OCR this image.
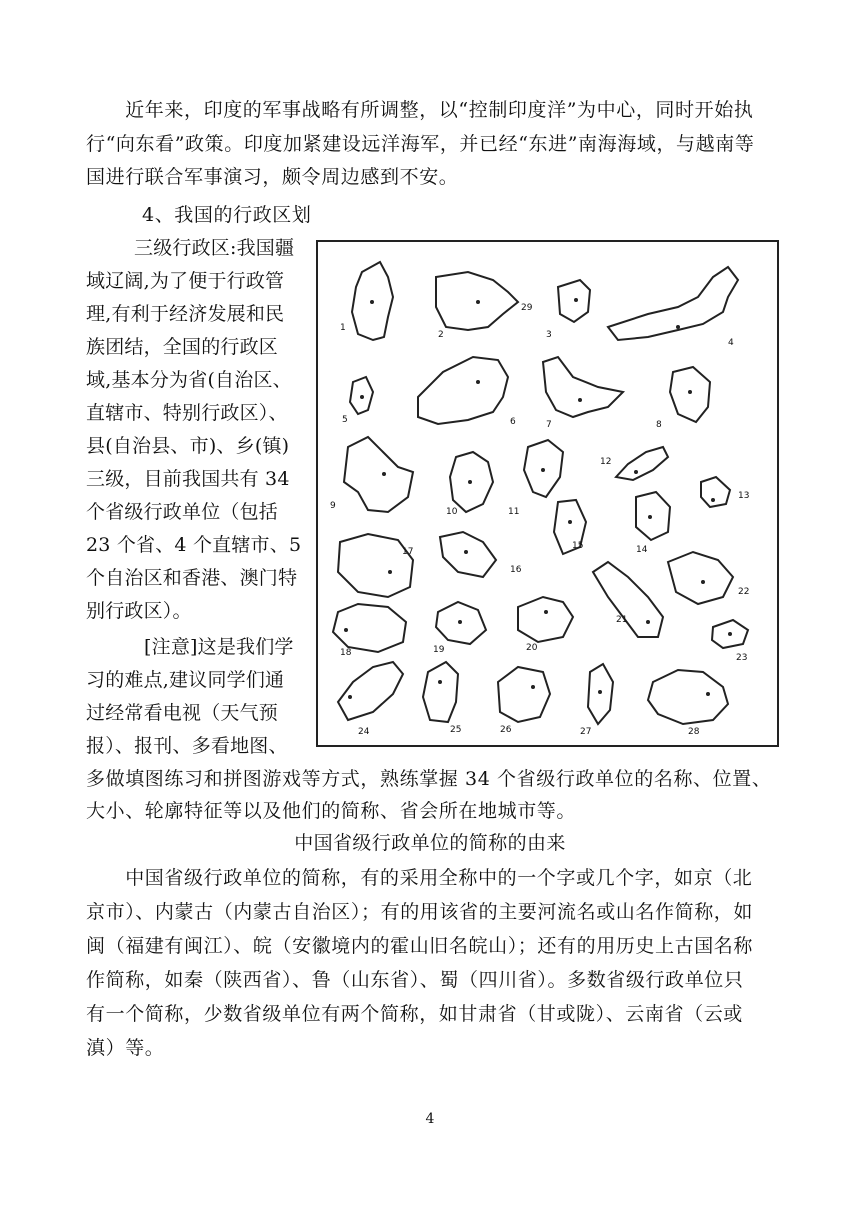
　　近年来，印度的军事战略有所调整，以“控制印度洋”为中心，同时开始执
行“向东看”政策。印度加紧建设远洋海军，并已经“东进”南海海域，与越南等
国进行联合军事演习，颇令周边感到不安。
4、我国的行政区划
三级行政区:我国疆
域辽阔,为了便于行政管
理,有利于经济发展和民
族团结，全国的行政区
域,基本分为省(自治区、
直辖市、特别行政区）、
县(自治县、市)、乡(镇)
三级，目前我国共有 34
个省级行政单位（包括
23 个省、4 个直辖市、5
个自治区和香港、澳门特
别行政区）。
[注意]这是我们学
习的难点,建议同学们通
过经常看电视（天气预
报）、报刊、多看地图、
1
2
29
3
4
5	6	7	8
9
10	11
12
13
14
15
16
17
18	19	20
21
22
23
24	25	26	27	28
多做填图练习和拼图游戏等方式，熟练掌握 34 个省级行政单位的名称、位置、
大小、轮廓特征等以及他们的简称、省会所在地城市等。
中国省级行政单位的简称的由来
　　中国省级行政单位的简称，有的采用全称中的一个字或几个字，如京（北
京市）、内蒙古（内蒙古自治区）；有的用该省的主要河流名或山名作简称，如
闽（福建有闽江）、皖（安徽境内的霍山旧名皖山）；还有的用历史上古国名称
作简称，如秦（陕西省）、鲁（山东省）、蜀（四川省）。多数省级行政单位只
有一个简称，少数省级单位有两个简称，如甘肃省（甘或陇）、云南省（云或
滇）等。
4
